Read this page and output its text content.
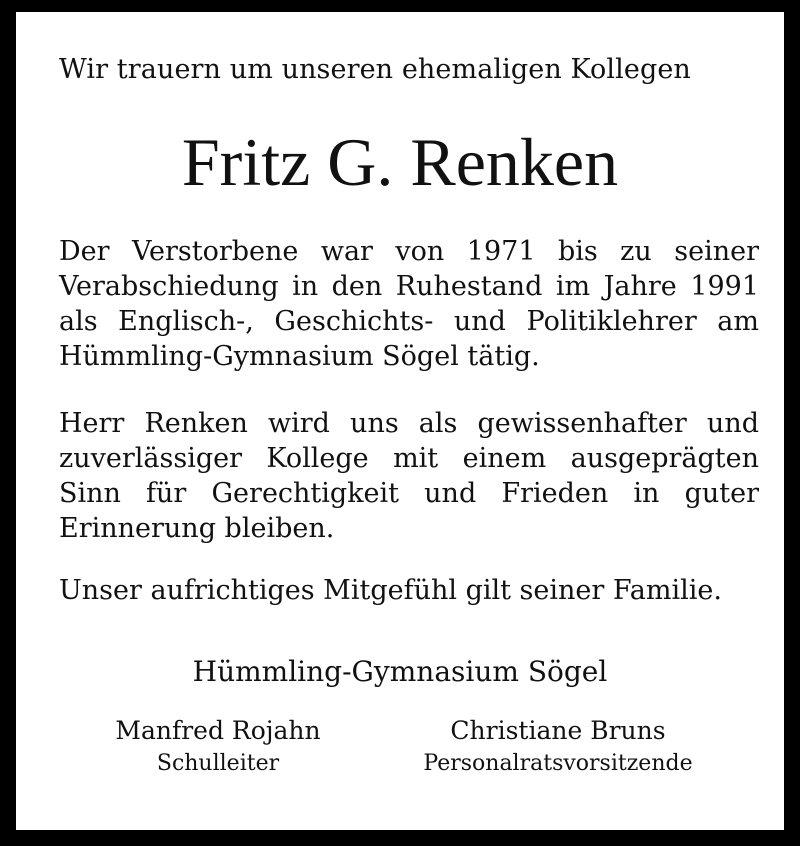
Wir trauern um unseren ehemaligen Kollegen
Fritz G. Renken
Der Verstorbene war von 1971 bis zu seiner
Verabschiedung in den Ruhestand im Jahre 1991
als Englisch-, Geschichts- und Politiklehrer am
Hümmling-Gymnasium Sögel tätig.
Herr Renken wird uns als gewissenhafter und
zuverlässiger Kollege mit einem ausgeprägten
Sinn für Gerechtigkeit und Frieden in guter
Erinnerung bleiben.
Unser aufrichtiges Mitgefühl gilt seiner Familie.
Hümmling-Gymnasium Sögel
Manfred Rojahn
Schulleiter
Christiane Bruns
Personalratsvorsitzende
